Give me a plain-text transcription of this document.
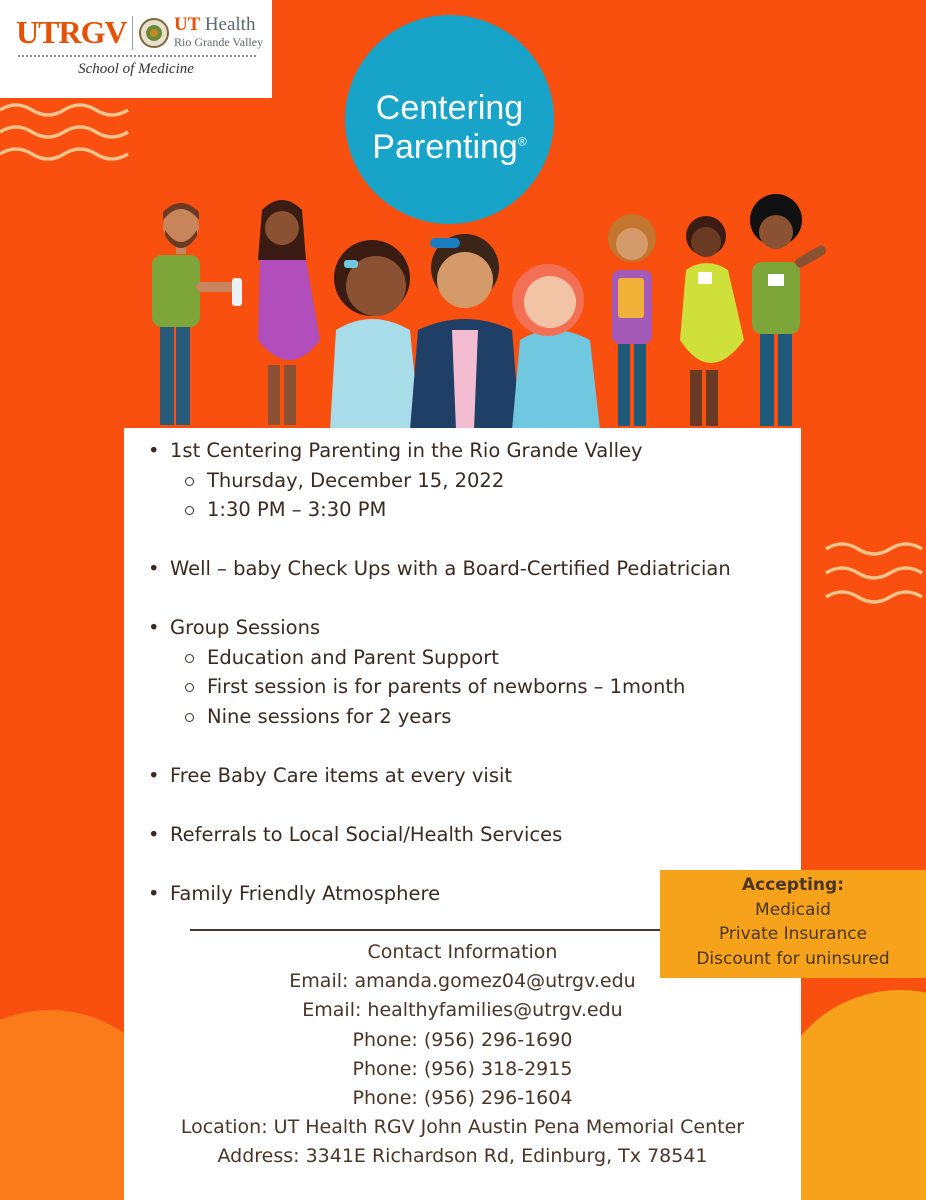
UTRGV UT Health
Rio Grande Valley
School of Medicine
Centering
Parenting®
• 1st Centering Parenting in the Rio Grande Valley
Thursday, December 15, 2022
1:30 PM – 3:30 PM
• Well – baby Check Ups with a Board-Certified Pediatrician
• Group Sessions
Education and Parent Support
First session is for parents of newborns – 1month
Nine sessions for 2 years
• Free Baby Care items at every visit
• Referrals to Local Social/Health Services
• Family Friendly Atmosphere
Contact Information
Email: amanda.gomez04@utrgv.edu
Email: healthyfamilies@utrgv.edu
Phone: (956) 296-1690
Phone: (956) 318-2915
Phone: (956) 296-1604
Location: UT Health RGV John Austin Pena Memorial Center
Address: 3341E Richardson Rd, Edinburg, Tx 78541
Accepting:
Medicaid
Private Insurance
Discount for uninsured
